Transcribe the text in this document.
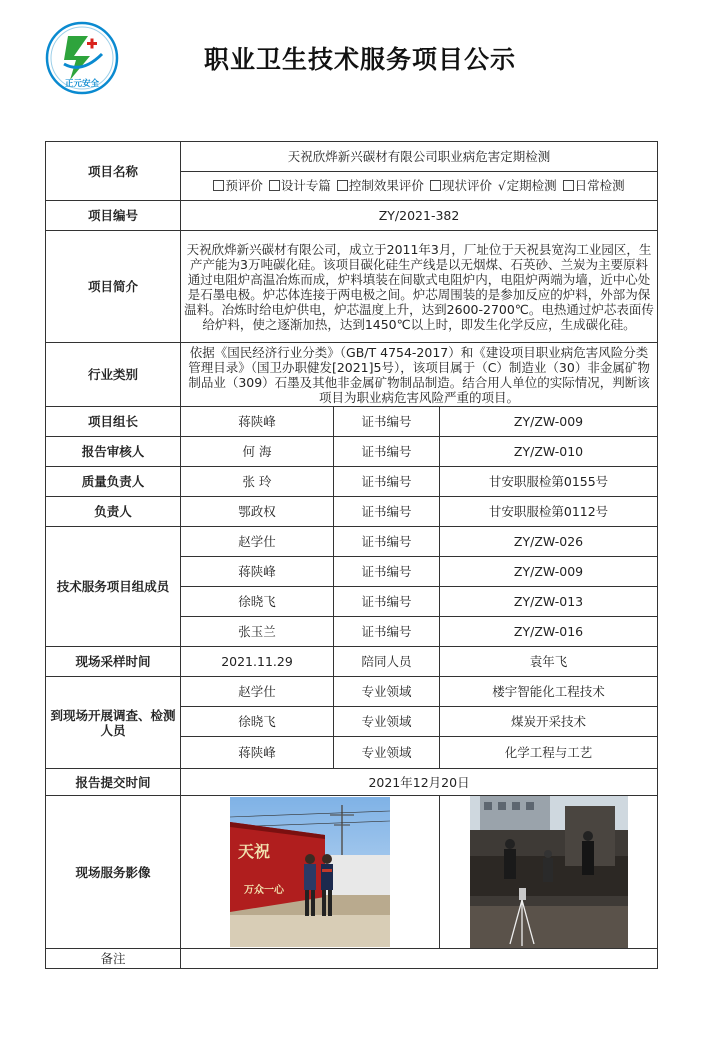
正元安全
职业卫生技术服务项目公示
项目名称	天祝欣烨新兴碳材有限公司职业病危害定期检测		
	预评价 设计专篇 控制效果评价 现状评价 √定期检测 日常检测		
项目编号	ZY/2021-382		
项目简介	天祝欣烨新兴碳材有限公司，成立于2011年3月，厂址位于天祝县宽沟工业园区，生产产能为3万吨碳化硅。该项目碳化硅生产线是以无烟煤、石英砂、兰炭为主要原料通过电阻炉高温冶炼而成，炉料填装在间歇式电阻炉内，电阻炉两端为墙，近中心处是石墨电极。炉芯体连接于两电极之间。炉芯周围装的是参加反应的炉料，外部为保温料。冶炼时给电炉供电，炉芯温度上升，达到2600-2700℃。电热通过炉芯表面传给炉料，使之逐渐加热，达到1450℃以上时，即发生化学反应，生成碳化硅。		
行业类别	依据《国民经济行业分类》（GB/T 4754-2017）和《建设项目职业病危害风险分类管理目录》（国卫办职健发[2021]5号），该项目属于（C）制造业（30）非金属矿物制品业（309）石墨及其他非金属矿物制品制造。结合用人单位的实际情况，判断该项目为职业病危害风险严重的项目。		
项目组长	蒋陕峰	证书编号	ZY/ZW-009
报告审核人	何 海	证书编号	ZY/ZW-010
质量负责人	张 玲	证书编号	甘安职服检第0155号
负责人	鄂政权	证书编号	甘安职服检第0112号
技术服务项目组成员	赵学仕	证书编号	ZY/ZW-026
	蒋陕峰	证书编号	ZY/ZW-009
	徐晓飞	证书编号	ZY/ZW-013
	张玉兰	证书编号	ZY/ZW-016
现场采样时间	2021.11.29	陪同人员	袁年飞
到现场开展调查、检测人员	赵学仕	专业领域	楼宇智能化工程技术
	徐晓飞	专业领域	煤炭开采技术
	蒋陕峰	专业领域	化学工程与工艺
报告提交时间	2021年12月20日		
现场服务影像	天祝
万众一心

备注			
